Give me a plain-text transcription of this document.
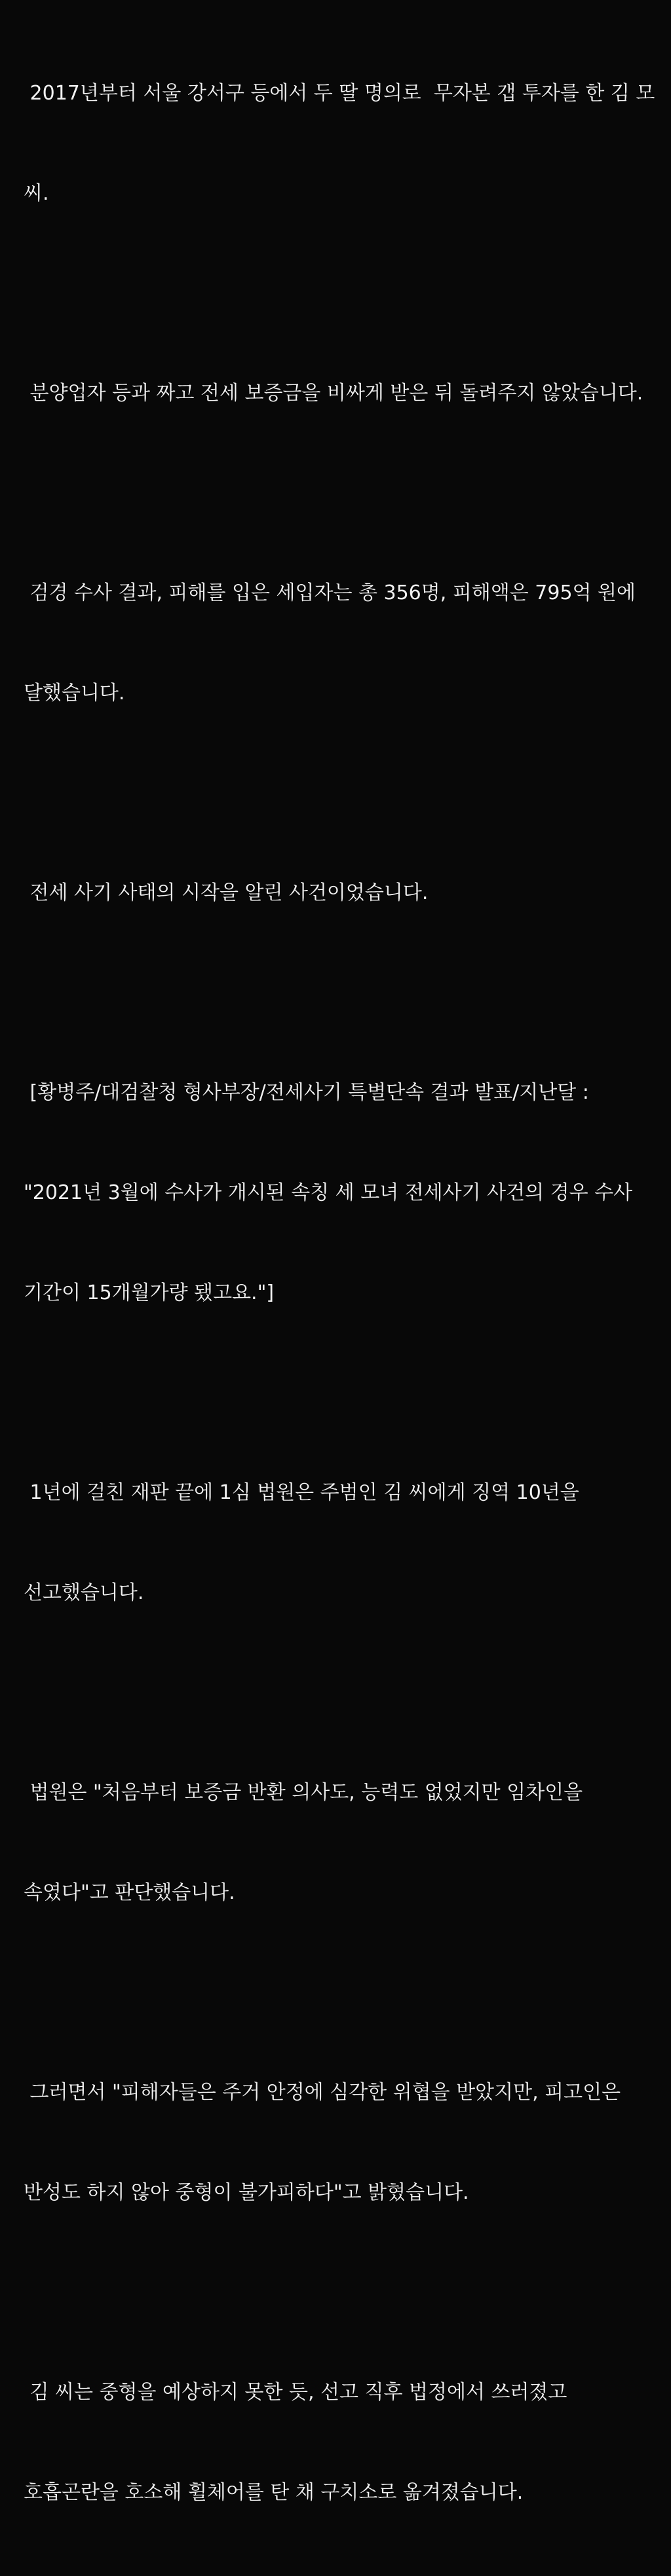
2017년부터 서울 강서구 등에서 두 딸 명의로  무자본 갭 투자를 한 김 모

씨.

분양업자 등과 짜고 전세 보증금을 비싸게 받은 뒤 돌려주지 않았습니다.

검경 수사 결과, 피해를 입은 세입자는 총 356명, 피해액은 795억 원에

달했습니다.

전세 사기 사태의 시작을 알린 사건이었습니다.

[황병주/대검찰청 형사부장/전세사기 특별단속 결과 발표/지난달 :

"2021년 3월에 수사가 개시된 속칭 세 모녀 전세사기 사건의 경우 수사

기간이 15개월가량 됐고요."]

1년에 걸친 재판 끝에 1심 법원은 주범인 김 씨에게 징역 10년을

선고했습니다.

법원은 "처음부터 보증금 반환 의사도, 능력도 없었지만 임차인을

속였다"고 판단했습니다.

그러면서 "피해자들은 주거 안정에 심각한 위협을 받았지만, 피고인은

반성도 하지 않아 중형이 불가피하다"고 밝혔습니다.

김 씨는 중형을 예상하지 못한 듯, 선고 직후 법정에서 쓰러졌고

호흡곤란을 호소해 휠체어를 탄 채 구치소로 옮겨졌습니다.
